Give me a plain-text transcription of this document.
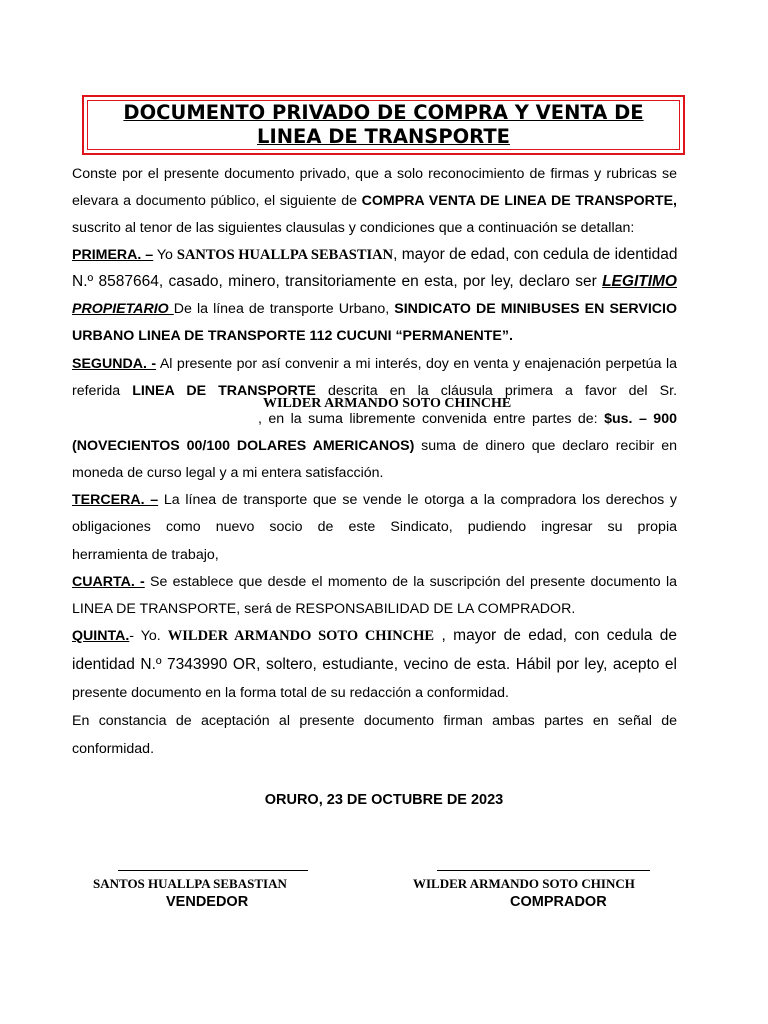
DOCUMENTO PRIVADO DE COMPRA Y VENTA DE
LINEA DE TRANSPORTE
Conste por el presente documento privado, que a solo reconocimiento de firmas y rubricas se
elevara a documento público, el siguiente de COMPRA VENTA DE LINEA DE TRANSPORTE,
suscrito al tenor de las siguientes clausulas y condiciones que a continuación se detallan:
PRIMERA. – Yo SANTOS HUALLPA SEBASTIAN, mayor de edad, con cedula de identidad
N.º 8587664, casado, minero, transitoriamente en esta, por ley, declaro ser LEGITIMO
PROPIETARIO De la línea de transporte Urbano, SINDICATO DE MINIBUSES EN SERVICIO
URBANO LINEA DE TRANSPORTE 112 CUCUNI “PERMANENTE”.
SEGUNDA. - Al presente por así convenir a mi interés, doy en venta y enajenación perpetúa la
referida LINEA DE TRANSPORTE descrita en la cláusula primera a favor del Sr.
WILDER ARMANDO SOTO CHINCHE
, en la suma libremente convenida entre partes de: $us. – 900
(NOVECIENTOS 00/100 DOLARES AMERICANOS) suma de dinero que declaro recibir en
moneda de curso legal y a mi entera satisfacción.
TERCERA. – La línea de transporte que se vende le otorga a la compradora los derechos y
obligaciones como nuevo socio de este Sindicato, pudiendo ingresar su propia
herramienta de trabajo,
CUARTA. - Se establece que desde el momento de la suscripción del presente documento la
LINEA DE TRANSPORTE, será de RESPONSABILIDAD DE LA COMPRADOR.
QUINTA.- Yo. WILDER ARMANDO SOTO CHINCHE , mayor de edad, con cedula de
identidad N.º 7343990 OR, soltero, estudiante, vecino de esta. Hábil por ley, acepto el
presente documento en la forma total de su redacción a conformidad.
En constancia de aceptación al presente documento firman ambas partes en señal de
conformidad.
ORURO, 23 DE OCTUBRE DE 2023
SANTOS HUALLPA SEBASTIAN
VENDEDOR
WILDER ARMANDO SOTO CHINCH
COMPRADOR
